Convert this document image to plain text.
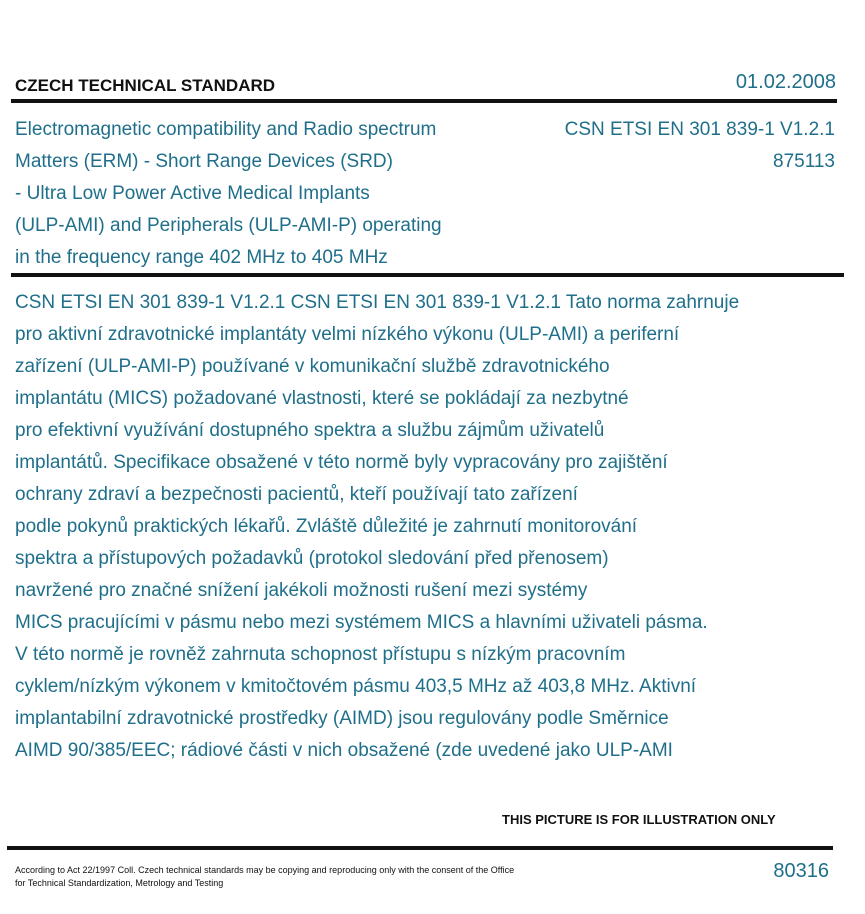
CZECH TECHNICAL STANDARD	01.02.2008
Electromagnetic compatibility and Radio spectrum
Matters (ERM) - Short Range Devices (SRD)
- Ultra Low Power Active Medical Implants
(ULP-AMI) and Peripherals (ULP-AMI-P) operating
in the frequency range 402 MHz to 405 MHz
CSN ETSI EN 301 839-1 V1.2.1
875113

CSN ETSI EN 301 839-1 V1.2.1 CSN ETSI EN 301 839-1 V1.2.1 Tato norma zahrnuje

pro aktivní zdravotnické implantáty velmi nízkého výkonu (ULP-AMI) a periferní

zařízení (ULP-AMI-P) používané v komunikační službě zdravotnického

implantátu (MICS) požadované vlastnosti, které se pokládají za nezbytné

pro efektivní využívání dostupného spektra a službu zájmům uživatelů

implantátů. Specifikace obsažené v této normě byly vypracovány pro zajištění

ochrany zdraví a bezpečnosti pacientů, kteří používají tato zařízení

podle pokynů praktických lékařů. Zvláště důležité je zahrnutí monitorování

spektra a přístupových požadavků (protokol sledování před přenosem)

navržené pro značné snížení jakékoli možnosti rušení mezi systémy

MICS pracujícími v pásmu nebo mezi systémem MICS a hlavními uživateli pásma.

V této normě je rovněž zahrnuta schopnost přístupu s nízkým pracovním

cyklem/nízkým výkonem v kmitočtovém pásmu 403,5 MHz až 403,8 MHz. Aktivní

implantabilní zdravotnické prostředky (AIMD) jsou regulovány podle Směrnice

AIMD 90/385/EEC; rádiové části v nich obsažené (zde uvedené jako ULP-AMI

THIS PICTURE IS FOR ILLUSTRATION ONLY

According to Act 22/1997 Coll. Czech technical standards may be copying and reproducing only with the consent of the Office

for Technical Standardization, Metrology and Testing

80316
